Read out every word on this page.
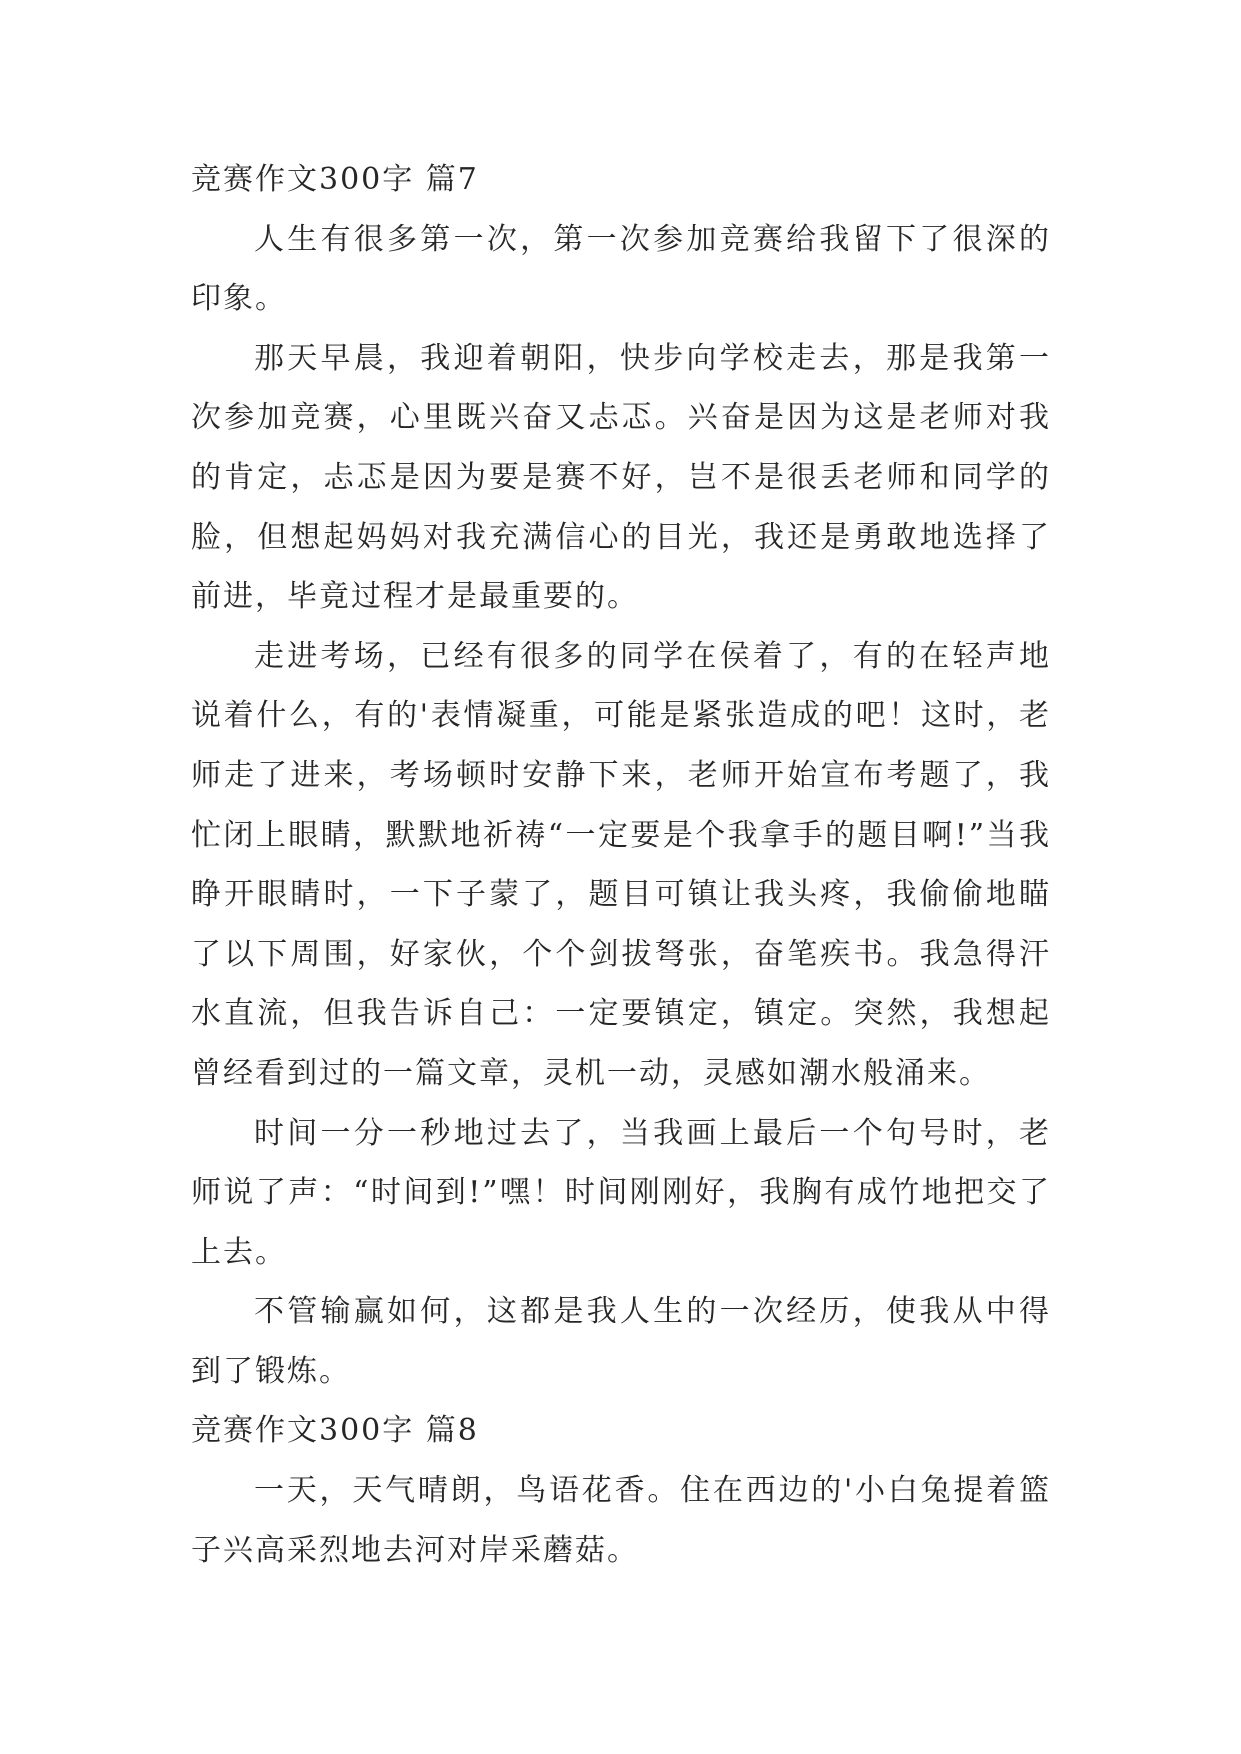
竞赛作文300字 篇7

人生有很多第一次，第一次参加竞赛给我留下了很深的印象。

那天早晨，我迎着朝阳，快步向学校走去，那是我第一次参加竞赛，心里既兴奋又忐忑。兴奋是因为这是老师对我的肯定，忐忑是因为要是赛不好，岂不是很丢老师和同学的脸，但想起妈妈对我充满信心的目光，我还是勇敢地选择了前进，毕竟过程才是最重要的。

走进考场，已经有很多的同学在侯着了，有的在轻声地说着什么，有的'表情凝重，可能是紧张造成的吧！这时，老师走了进来，考场顿时安静下来，老师开始宣布考题了，我忙闭上眼睛，默默地祈祷“一定要是个我拿手的题目啊!”当我睁开眼睛时，一下子蒙了，题目可镇让我头疼，我偷偷地瞄了以下周围，好家伙，个个剑拔弩张，奋笔疾书。我急得汗水直流，但我告诉自己：一定要镇定，镇定。突然，我想起曾经看到过的一篇文章，灵机一动，灵感如潮水般涌来。

时间一分一秒地过去了，当我画上最后一个句号时，老师说了声：“时间到!”嘿！时间刚刚好，我胸有成竹地把交了上去。

不管输赢如何，这都是我人生的一次经历，使我从中得到了锻炼。

竞赛作文300字 篇8

一天，天气晴朗，鸟语花香。住在西边的'小白兔提着篮子兴高采烈地去河对岸采蘑菇。
